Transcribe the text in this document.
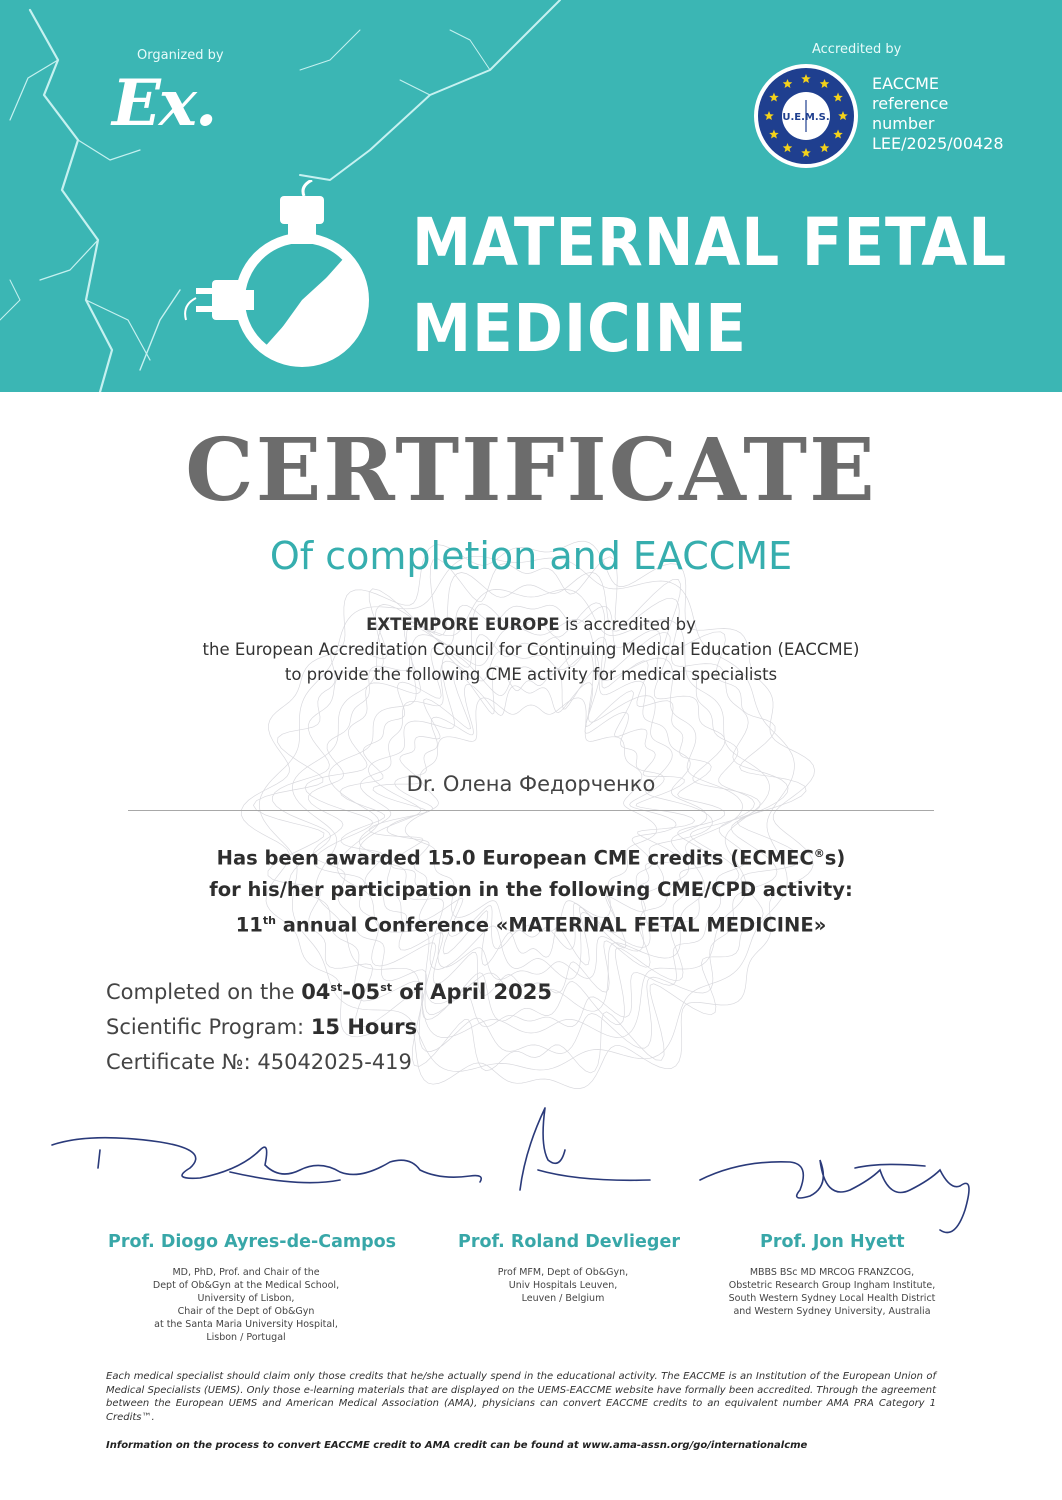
Organized by
Ex.
Accredited by
U.E.M.S.
EACCME
reference
number
LEE/2025/00428
MATERNAL FETAL
MEDICINE
CERTIFICATE
Of completion and EACCME
EXTEMPORE EUROPE is accredited by
the European Accreditation Council for Continuing Medical Education (EACCME)
to provide the following CME activity for medical specialists
Dr. Олена Федорченко
Has been awarded 15.0 European CME credits (ECMEC®s)
for his/her participation in the following CME/CPD activity:
11th annual Conference «MATERNAL FETAL MEDICINE»
Completed on the 04st-05st of April 2025
Scientific Program: 15 Hours
Certificate №: 45042025-419
Prof. Diogo Ayres-de-Campos
MD, PhD, Prof. and Chair of the
Dept of Ob&Gyn at the Medical School,
University of Lisbon,
Chair of the Dept of Ob&Gyn
at the Santa Maria University Hospital,
Lisbon / Portugal
Prof. Roland Devlieger
Prof MFM, Dept of Ob&Gyn,
Univ Hospitals Leuven,
Leuven / Belgium
Prof. Jon Hyett
MBBS BSc MD MRCOG FRANZCOG,
Obstetric Research Group Ingham Institute,
South Western Sydney Local Health District
and Western Sydney University, Australia
Each medical specialist should claim only those credits that he/she actually spend in the educational activity. The EACCME is an Institution of the European Union of Medical Specialists (UEMS). Only those e-learning materials that are displayed on the UEMS-EACCME website have formally been accredited. Through the agreement between the European UEMS and American Medical Association (AMA), physicians can convert EACCME credits to an equivalent number AMA PRA Category 1 Credits™.
Information on the process to convert EACCME credit to AMA credit can be found at www.ama-assn.org/go/internationalcme
